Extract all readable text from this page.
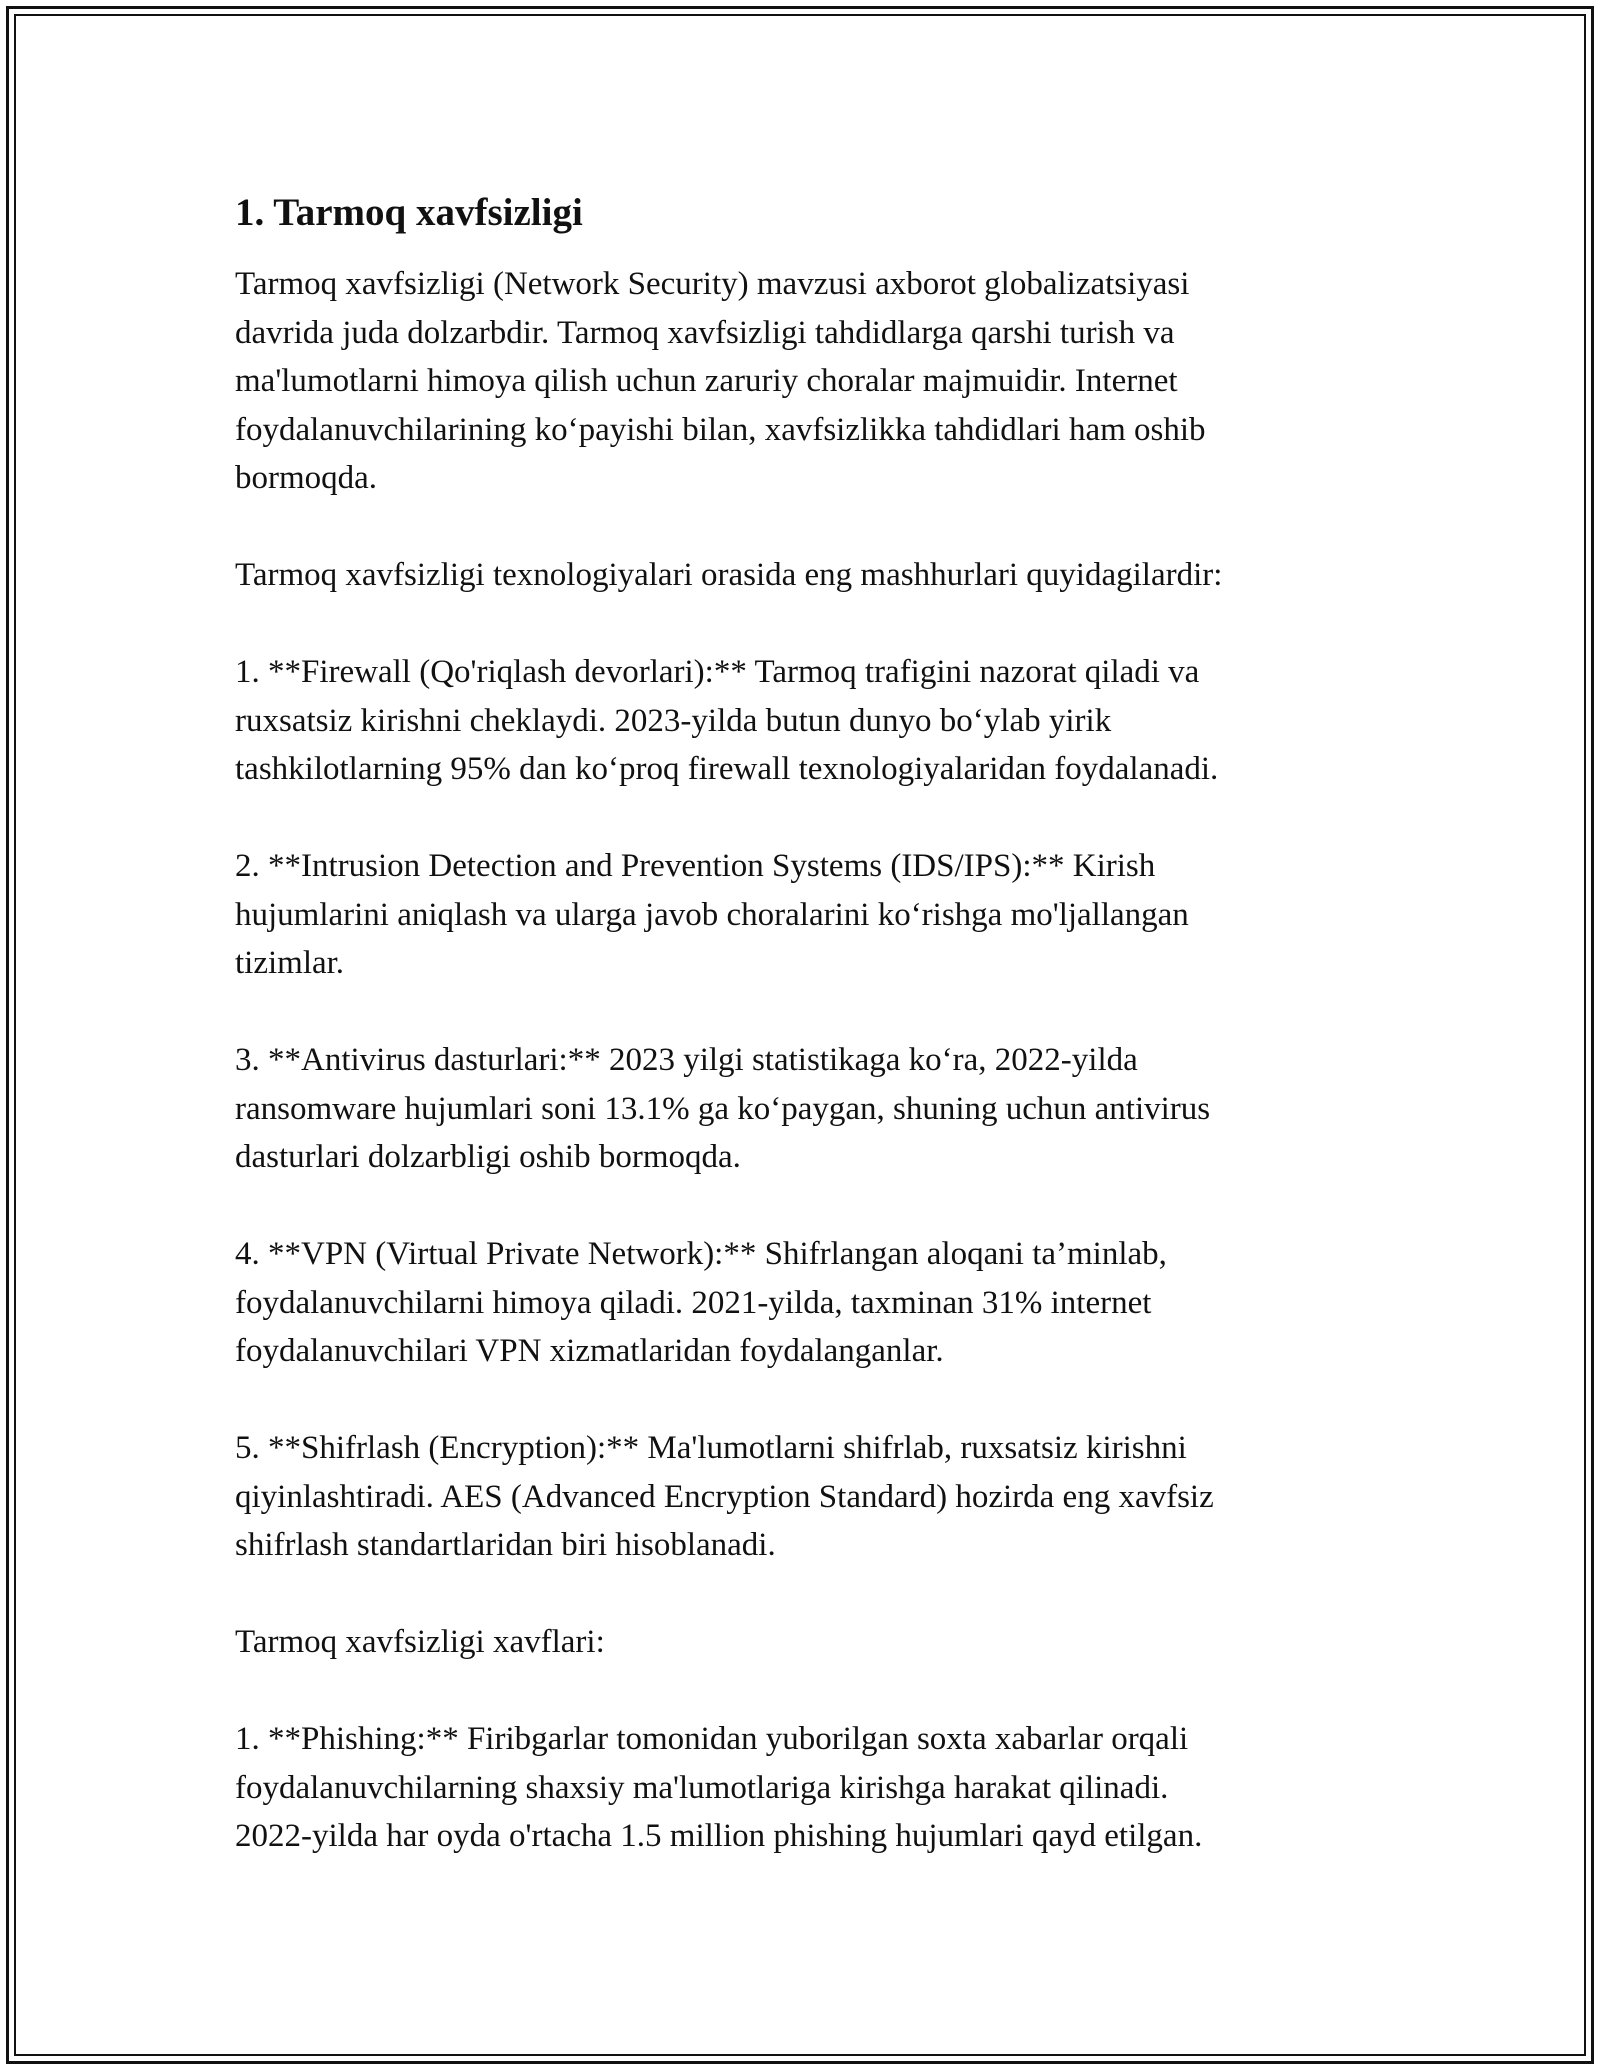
1. Tarmoq xavfsizligi

Tarmoq xavfsizligi (Network Security) mavzusi axborot globalizatsiyasi
davrida juda dolzarbdir. Tarmoq xavfsizligi tahdidlarga qarshi turish va
ma'lumotlarni himoya qilish uchun zaruriy choralar majmuidir. Internet
foydalanuvchilarining ko‘payishi bilan, xavfsizlikka tahdidlari ham oshib
bormoqda.

Tarmoq xavfsizligi texnologiyalari orasida eng mashhurlari quyidagilardir:

1. **Firewall (Qo'riqlash devorlari):** Tarmoq trafigini nazorat qiladi va
ruxsatsiz kirishni cheklaydi. 2023-yilda butun dunyo bo‘ylab yirik
tashkilotlarning 95% dan ko‘proq firewall texnologiyalaridan foydalanadi.

2. **Intrusion Detection and Prevention Systems (IDS/IPS):** Kirish
hujumlarini aniqlash va ularga javob choralarini ko‘rishga mo'ljallangan
tizimlar.

3. **Antivirus dasturlari:** 2023 yilgi statistikaga ko‘ra, 2022-yilda
ransomware hujumlari soni 13.1% ga ko‘paygan, shuning uchun antivirus
dasturlari dolzarbligi oshib bormoqda.

4. **VPN (Virtual Private Network):** Shifrlangan aloqani ta’minlab,
foydalanuvchilarni himoya qiladi. 2021-yilda, taxminan 31% internet
foydalanuvchilari VPN xizmatlaridan foydalanganlar.

5. **Shifrlash (Encryption):** Ma'lumotlarni shifrlab, ruxsatsiz kirishni
qiyinlashtiradi. AES (Advanced Encryption Standard) hozirda eng xavfsiz
shifrlash standartlaridan biri hisoblanadi.

Tarmoq xavfsizligi xavflari:

1. **Phishing:** Firibgarlar tomonidan yuborilgan soxta xabarlar orqali
foydalanuvchilarning shaxsiy ma'lumotlariga kirishga harakat qilinadi.
2022-yilda har oyda o'rtacha 1.5 million phishing hujumlari qayd etilgan.
